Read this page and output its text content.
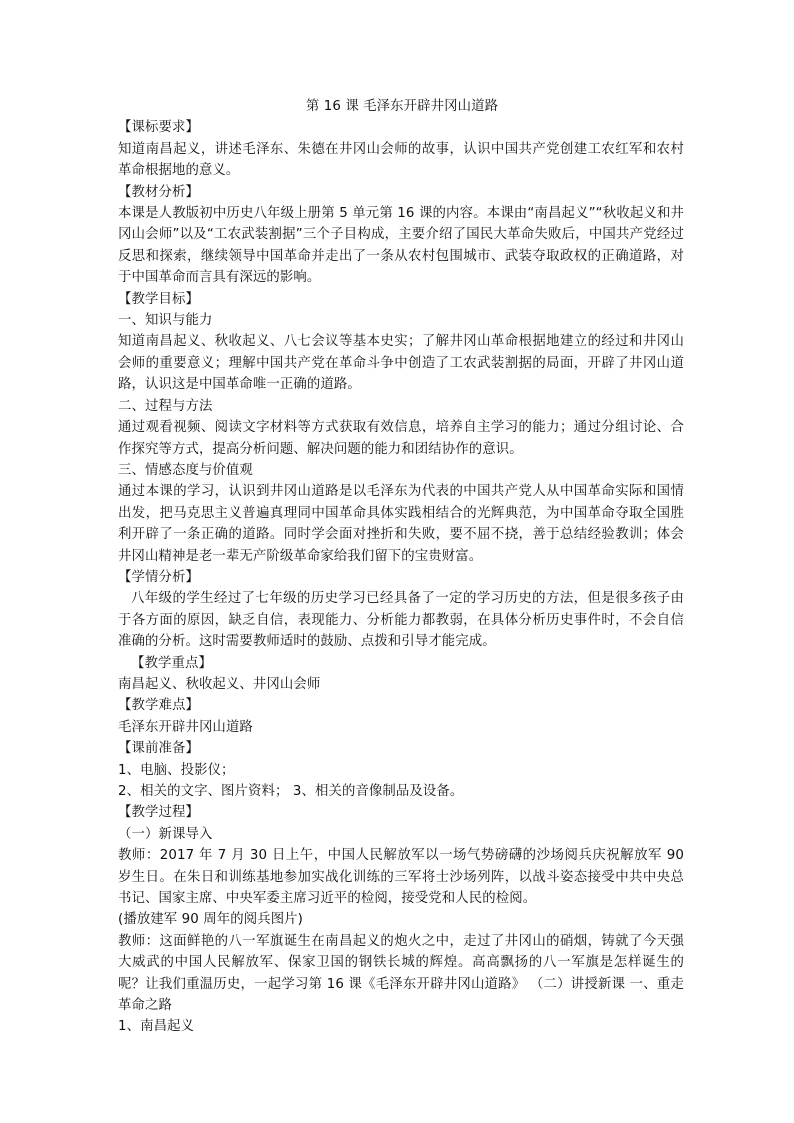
第 16 课 毛泽东开辟井冈山道路

【课标要求】

知道南昌起义，讲述毛泽东、朱德在井冈山会师的故事，认识中国共产党创建工农红军和农村革命根据地的意义。

【教材分析】

本课是人教版初中历史八年级上册第 5 单元第 16 课的内容。本课由“南昌起义”“秋收起义和井冈山会师”以及“工农武装割据”三个子目构成，主要介绍了国民大革命失败后，中国共产党经过反思和探索，继续领导中国革命并走出了一条从农村包围城市、武装夺取政权的正确道路，对于中国革命而言具有深远的影响。

【教学目标】

一、知识与能力

知道南昌起义、秋收起义、八七会议等基本史实；了解井冈山革命根据地建立的经过和井冈山会师的重要意义；理解中国共产党在革命斗争中创造了工农武装割据的局面，开辟了井冈山道路，认识这是中国革命唯一正确的道路。

二、过程与方法

通过观看视频、阅读文字材料等方式获取有效信息，培养自主学习的能力；通过分组讨论、合作探究等方式，提高分析问题、解决问题的能力和团结协作的意识。

三、情感态度与价值观

通过本课的学习，认识到井冈山道路是以毛泽东为代表的中国共产党人从中国革命实际和国情出发，把马克思主义普遍真理同中国革命具体实践相结合的光辉典范，为中国革命夺取全国胜利开辟了一条正确的道路。同时学会面对挫折和失败，要不屈不挠，善于总结经验教训；体会井冈山精神是老一辈无产阶级革命家给我们留下的宝贵财富。

【学情分析】

八年级的学生经过了七年级的历史学习已经具备了一定的学习历史的方法，但是很多孩子由于各方面的原因，缺乏自信，表现能力、分析能力都教弱，在具体分析历史事件时，不会自信准确的分析。这时需要教师适时的鼓励、点拨和引导才能完成。

【教学重点】

南昌起义、秋收起义、井冈山会师

【教学难点】

毛泽东开辟井冈山道路

【课前准备】

1、电脑、投影仪；

2、相关的文字、图片资料； 3、相关的音像制品及设备。

【教学过程】

（一）新课导入

教师：2017 年 7 月 30 日上午，中国人民解放军以一场气势磅礴的沙场阅兵庆祝解放军 90 岁生日。在朱日和训练基地参加实战化训练的三军将士沙场列阵，以战斗姿态接受中共中央总书记、国家主席、中央军委主席习近平的检阅，接受党和人民的检阅。

(播放建军 90 周年的阅兵图片)

教师：这面鲜艳的八一军旗诞生在南昌起义的炮火之中，走过了井冈山的硝烟，铸就了今天强大威武的中国人民解放军、保家卫国的钢铁长城的辉煌。高高飘扬的八一军旗是怎样诞生的呢？让我们重温历史，一起学习第 16 课《毛泽东开辟井冈山道路》 （二）讲授新课 一、重走革命之路

1、南昌起义
